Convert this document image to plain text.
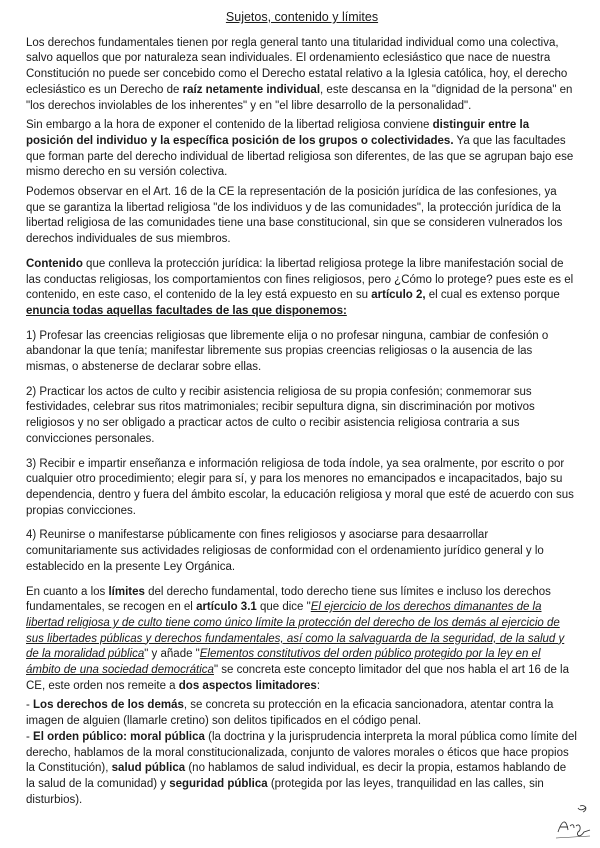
Sujetos, contenido y límites

Los derechos fundamentales tienen por regla general tanto una titularidad individual como una colectiva, salvo aquellos que por naturaleza sean individuales. El ordenamiento eclesiástico que nace de nuestra Constitución no puede ser concebido como el Derecho estatal relativo a la Iglesia católica, hoy, el derecho eclesiástico es un Derecho de raíz netamente individual, este descansa en la "dignidad de la persona" en "los derechos inviolables de los inherentes" y en "el libre desarrollo de la personalidad".

Sin embargo a la hora de exponer el contenido de la libertad religiosa conviene distinguir entre la posición del individuo y la específica posición de los grupos o colectividades. Ya que las facultades que forman parte del derecho individual de libertad religiosa son diferentes, de las que se agrupan bajo ese mismo derecho en su versión colectiva.

Podemos observar en el Art. 16 de la CE la representación de la posición jurídica de las confesiones, ya que se garantiza la libertad religiosa "de los individuos y de las comunidades", la protección jurídica de la libertad religiosa de las comunidades tiene una base constitucional, sin que se consideren vulnerados los derechos individuales de sus miembros.

Contenido que conlleva la protección jurídica: la libertad religiosa protege la libre manifestación social de las conductas religiosas, los comportamientos con fines religiosos, pero ¿Cómo lo protege? pues este es el contenido, en este caso, el contenido de la ley está expuesto en su artículo 2, el cual es extenso porque enuncia todas aquellas facultades de las que disponemos:

1) Profesar las creencias religiosas que libremente elija o no profesar ninguna, cambiar de confesión o abandonar la que tenía; manifestar libremente sus propias creencias religiosas o la ausencia de las mismas, o abstenerse de declarar sobre ellas.

2) Practicar los actos de culto y recibir asistencia religiosa de su propia confesión; conmemorar sus festividades, celebrar sus ritos matrimoniales; recibir sepultura digna, sin discriminación por motivos religiosos y no ser obligado a practicar actos de culto o recibir asistencia religiosa contraria a sus convicciones personales.

3) Recibir e impartir enseñanza e información religiosa de toda índole, ya sea oralmente, por escrito o por cualquier otro procedimiento; elegir para sí, y para los menores no emancipados e incapacitados, bajo su dependencia, dentro y fuera del ámbito escolar, la educación religiosa y moral que esté de acuerdo con sus propias convicciones.

4) Reunirse o manifestarse públicamente con fines religiosos y asociarse para desaarrollar comunitariamente sus actividades religiosas de conformidad con el ordenamiento jurídico general y lo establecido en la presente Ley Orgánica.

En cuanto a los límites del derecho fundamental, todo derecho tiene sus límites e incluso los derechos fundamentales, se recogen en el artículo 3.1 que dice "El ejercicio de los derechos dimanantes de la libertad religiosa y de culto tiene como único límite la protección del derecho de los demás al ejercicio de sus libertades públicas y derechos fundamentales, así como la salvaguarda de la seguridad, de la salud y de la moralidad pública" y añade "Elementos constitutivos del orden público protegido por la ley en el ámbito de una sociedad democrática" se concreta este concepto limitador del que nos habla el art 16 de la CE, este orden nos remeite a dos aspectos limitadores:

- Los derechos de los demás, se concreta su protección en la eficacia sancionadora, atentar contra la imagen de alguien (llamarle cretino) son delitos tipificados en el código penal.

- El orden público: moral pública (la doctrina y la jurisprudencia interpreta la moral pública como límite del derecho, hablamos de la moral constitucionalizada, conjunto de valores morales o éticos que hace propios la Constitución), salud pública (no hablamos de salud individual, es decir la propia, estamos hablando de la salud de la comunidad) y seguridad pública (protegida por las leyes, tranquilidad en las calles, sin disturbios).
